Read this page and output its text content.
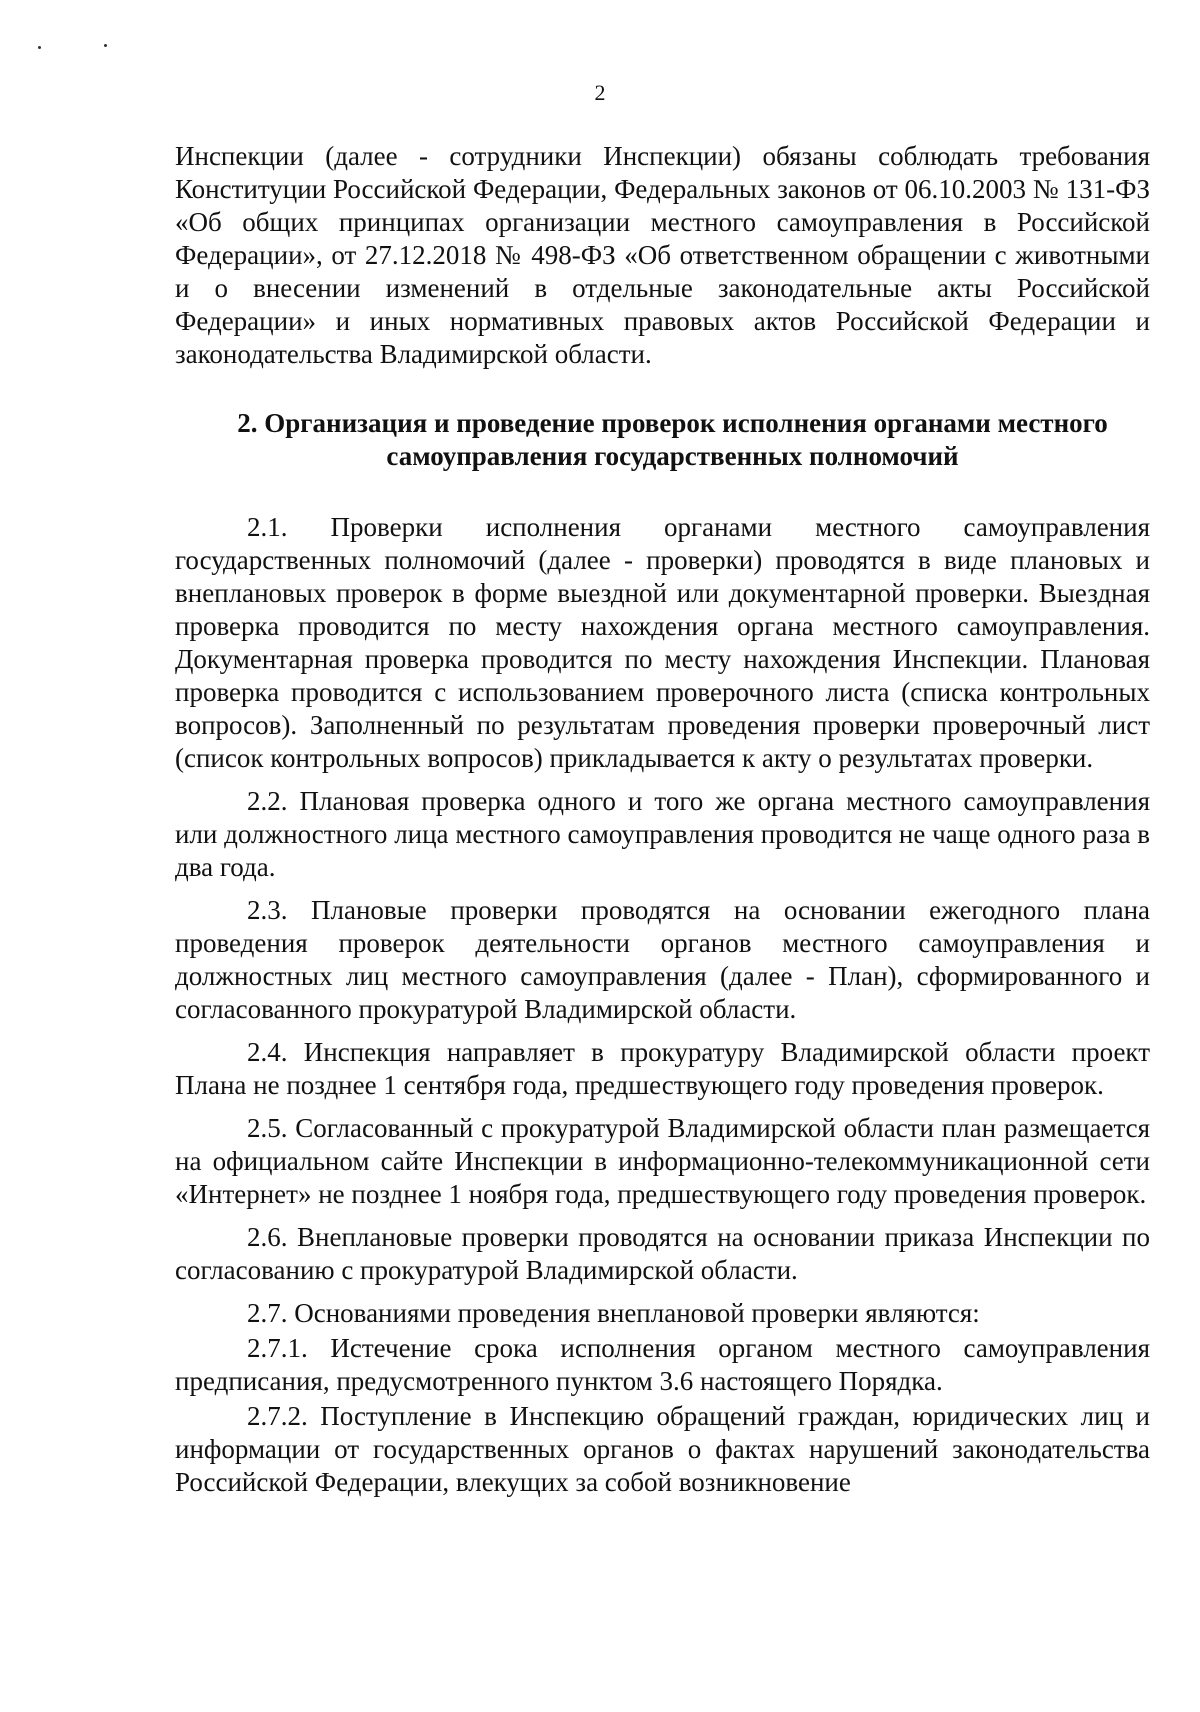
2

Инспекции (далее - сотрудники Инспекции) обязаны соблюдать требования Конституции Российской Федерации, Федеральных законов от 06.10.2003 № 131-ФЗ «Об общих принципах организации местного самоуправления в Российской Федерации», от 27.12.2018 № 498-ФЗ «Об ответственном обращении с животными и о внесении изменений в отдельные законодательные акты Российской Федерации» и иных нормативных правовых актов Российской Федерации и законодательства Владимирской области.

2. Организация и проведение проверок исполнения органами местного самоуправления государственных полномочий

2.1. Проверки исполнения органами местного самоуправления государственных полномочий (далее - проверки) проводятся в виде плановых и внеплановых проверок в форме выездной или документарной проверки. Выездная проверка проводится по месту нахождения органа местного самоуправления. Документарная проверка проводится по месту нахождения Инспекции. Плановая проверка проводится с использованием проверочного листа (списка контрольных вопросов). Заполненный по результатам проведения проверки проверочный лист (список контрольных вопросов) прикладывается к акту о результатах проверки.

2.2. Плановая проверка одного и того же органа местного самоуправления или должностного лица местного самоуправления проводится не чаще одного раза в два года.

2.3. Плановые проверки проводятся на основании ежегодного плана проведения проверок деятельности органов местного самоуправления и должностных лиц местного самоуправления (далее - План), сформированного и согласованного прокуратурой Владимирской области.

2.4. Инспекция направляет в прокуратуру Владимирской области проект Плана не позднее 1 сентября года, предшествующего году проведения проверок.

2.5. Согласованный с прокуратурой Владимирской области план размещается на официальном сайте Инспекции в информационно-телекоммуникационной сети «Интернет» не позднее 1 ноября года, предшествующего году проведения проверок.

2.6. Внеплановые проверки проводятся на основании приказа Инспекции по согласованию с прокуратурой Владимирской области.

2.7. Основаниями проведения внеплановой проверки являются:

2.7.1. Истечение срока исполнения органом местного самоуправления предписания, предусмотренного пунктом 3.6 настоящего Порядка.

2.7.2. Поступление в Инспекцию обращений граждан, юридических лиц и информации от государственных органов о фактах нарушений законодательства Российской Федерации, влекущих за собой возникновение
